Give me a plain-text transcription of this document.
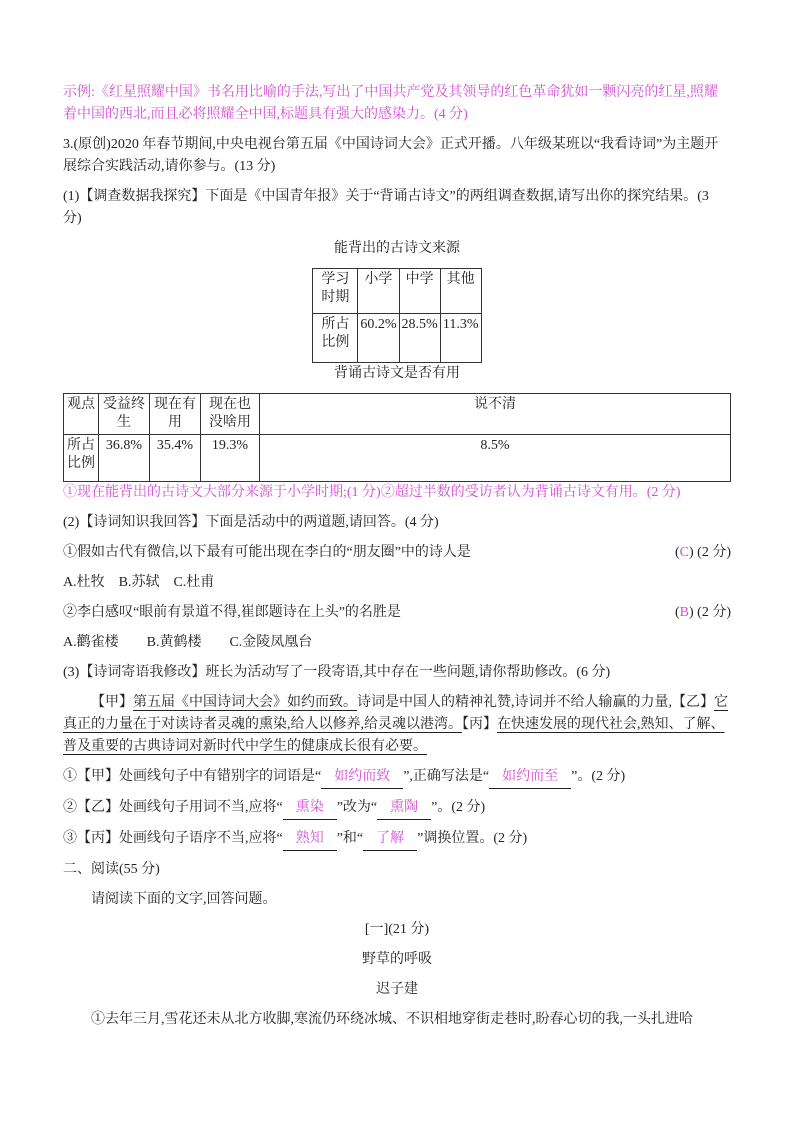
示例:《红星照耀中国》书名用比喻的手法,写出了中国共产党及其领导的红色革命犹如一颗闪亮的红星,照耀着中国的西北,而且必将照耀全中国,标题具有强大的感染力。(4 分)

3.(原创)2020 年春节期间,中央电视台第五届《中国诗词大会》正式开播。八年级某班以“我看诗词”为主题开展综合实践活动,请你参与。(13 分)

(1)【调查数据我探究】下面是《中国青年报》关于“背诵古诗文”的两组调查数据,请写出你的探究结果。(3 分)

能背出的古诗文来源

学习时期	小学	中学	其他
所占比例	60.2%	28.5%	11.3%

背诵古诗文是否有用

观点	受益终生	现在有用	现在也没啥用	说不清
所占比例	36.8%	35.4%	19.3%	8.5%

①现在能背出的古诗文大部分来源于小学时期;(1 分)②超过半数的受访者认为背诵古诗文有用。(2 分)

(2)【诗词知识我回答】下面是活动中的两道题,请回答。(4 分)

①假如古代有微信,以下最有可能出现在李白的“朋友圈”中的诗人是	(C) (2 分)

A.杜牧　B.苏轼　C.杜甫

②李白感叹“眼前有景道不得,崔郎题诗在上头”的名胜是	(B) (2 分)

A.鹳雀楼　　B.黄鹤楼　　C.金陵凤凰台

(3)【诗词寄语我修改】班长为活动写了一段寄语,其中存在一些问题,请你帮助修改。(6 分)

【甲】第五届《中国诗词大会》如约而致。诗词是中国人的精神礼赞,诗词并不给人输赢的力量,【乙】它真正的力量在于对读诗者灵魂的熏染,给人以修养,给灵魂以港湾。【丙】在快速发展的现代社会,熟知、了解、普及重要的古典诗词对新时代中学生的健康成长很有必要。

①【甲】处画线句子中有错别字的词语是“ 如约而致 ”,正确写法是“ 如约而至 ”。(2 分)

②【乙】处画线句子用词不当,应将“ 熏染 ”改为“ 熏陶 ”。(2 分)

③【丙】处画线句子语序不当,应将“ 熟知 ”和“ 了解 ”调换位置。(2 分)

二、阅读(55 分)

请阅读下面的文字,回答问题。

[一](21 分)

野草的呼吸

迟子建

①去年三月,雪花还未从北方收脚,寒流仍环绕冰城、不识相地穿街走巷时,盼春心切的我,一头扎进哈
